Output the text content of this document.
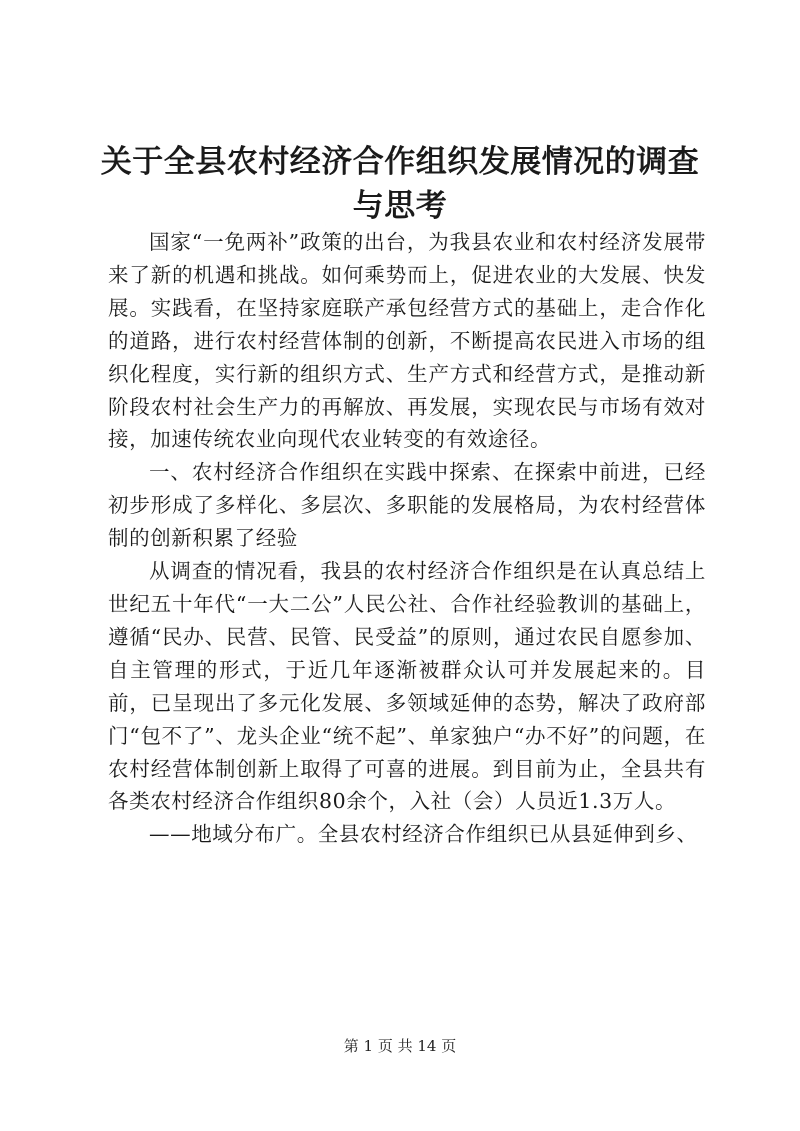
关于全县农村经济合作组织发展情况的调查与思考

国家“一免两补”政策的出台，为我县农业和农村经济发展带来了新的机遇和挑战。如何乘势而上，促进农业的大发展、快发展。实践看，在坚持家庭联产承包经营方式的基础上，走合作化的道路，进行农村经营体制的创新，不断提高农民进入市场的组织化程度，实行新的组织方式、生产方式和经营方式，是推动新阶段农村社会生产力的再解放、再发展，实现农民与市场有效对接，加速传统农业向现代农业转变的有效途径。

一、农村经济合作组织在实践中探索、在探索中前进，已经初步形成了多样化、多层次、多职能的发展格局，为农村经营体制的创新积累了经验

从调查的情况看，我县的农村经济合作组织是在认真总结上世纪五十年代“一大二公”人民公社、合作社经验教训的基础上，遵循“民办、民营、民管、民受益”的原则，通过农民自愿参加、自主管理的形式，于近几年逐渐被群众认可并发展起来的。目前，已呈现出了多元化发展、多领域延伸的态势，解决了政府部门“包不了”、龙头企业“统不起”、单家独户“办不好”的问题，在农村经营体制创新上取得了可喜的进展。到目前为止，全县共有各类农村经济合作组织80余个，入社（会）人员近1.3万人。

——地域分布广。全县农村经济合作组织已从县延伸到乡、

第 1 页 共 14 页
